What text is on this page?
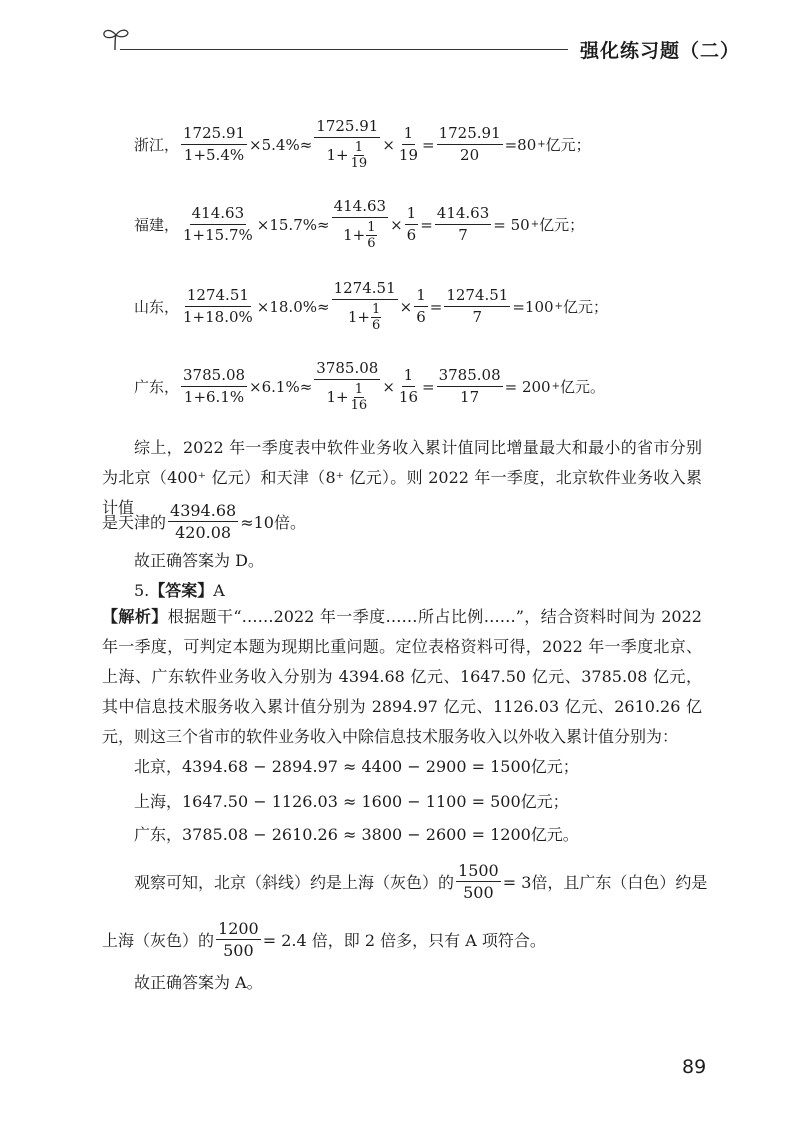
强化练习题（二）
浙江， $\frac{1725.91}{1+5.4\%} \times 5.4\%\approx \frac{1725.91}{1+ \frac{1}{19}} \times \frac{1}{19} = \frac{1725.91}{20} =80$ + 亿元；
福建， $\frac{414.63}{1+15.7\%} \times 15.7\%\approx \frac{414.63}{1+ \frac{1}{6}} \times \frac{1}{6} = \frac{414.63}{7} = 50$ + 亿元；
山东， $\frac{1274.51}{1+18.0\%} \times 18.0\%\approx \frac{1274.51}{1+ \frac{1}{6}} \times \frac{1}{6} = \frac{1274.51}{7} =100$ + 亿元；
广东， $\frac{3785.08}{1+6.1\%} \times 6.1\%\approx \frac{3785.08}{1+ \frac{1}{16}} \times \frac{1}{16} = \frac{3785.08}{17} = 200$ + 亿元。
综上，2022 年一季度表中软件业务收入累计值同比增量最大和最小的省市分别为北京（400⁺ 亿元）和天津（8⁺ 亿元）。则 2022 年一季度，北京软件业务收入累计值
是天津的 $\frac{4394.68}{420.08} \approx 10$倍。
故正确答案为 D。
5.【答案】A
【解析】根据题干“……2022 年一季度……所占比例……”，结合资料时间为 2022 年一季度，可判定本题为现期比重问题。定位表格资料可得，2022 年一季度北京、上海、广东软件业务收入分别为 4394.68 亿元、1647.50 亿元、3785.08 亿元，其中信息技术服务收入累计值分别为 2894.97 亿元、1126.03 亿元、2610.26 亿元，则这三个省市的软件业务收入中除信息技术服务收入以外收入累计值分别为：
北京，4394.68 − 2894.97 ≈ 4400 − 2900 = 1500亿元；
上海，1647.50 − 1126.03 ≈ 1600 − 1100 = 500亿元；
广东，3785.08 − 2610.26 ≈ 3800 − 2600 = 1200亿元。
观察可知，北京（斜线）约是上海（灰色）的 $\frac{1500}{500} = 3$倍，且广东（白色）约是
上海（灰色）的 $\frac{1200}{500} = 2.4$ 倍，即 2 倍多，只有 A 项符合。
故正确答案为 A。
89
